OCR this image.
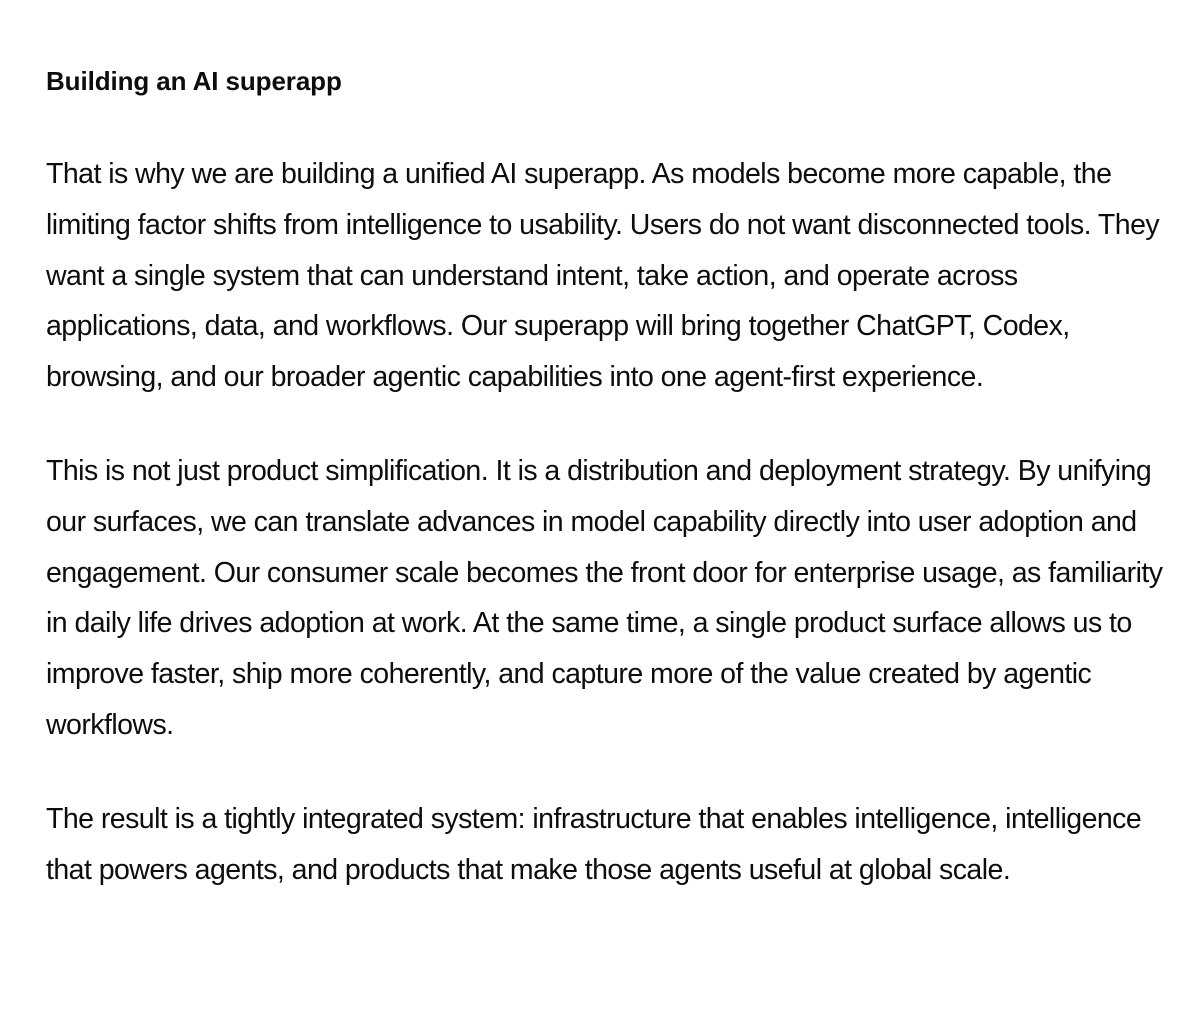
Building an AI superapp

That is why we are building a unified AI superapp. As models become more capable, the limiting factor shifts from intelligence to usability. Users do not want disconnected tools. They want a single system that can understand intent, take action, and operate across applications, data, and workflows. Our superapp will bring together ChatGPT, Codex, browsing, and our broader agentic capabilities into one agent-first experience.

This is not just product simplification. It is a distribution and deployment strategy. By unifying our surfaces, we can translate advances in model capability directly into user adoption and engagement. Our consumer scale becomes the front door for enterprise usage, as familiarity in daily life drives adoption at work. At the same time, a single product surface allows us to improve faster, ship more coherently, and capture more of the value created by agentic workflows.

The result is a tightly integrated system: infrastructure that enables intelligence, intelligence that powers agents, and products that make those agents useful at global scale.
